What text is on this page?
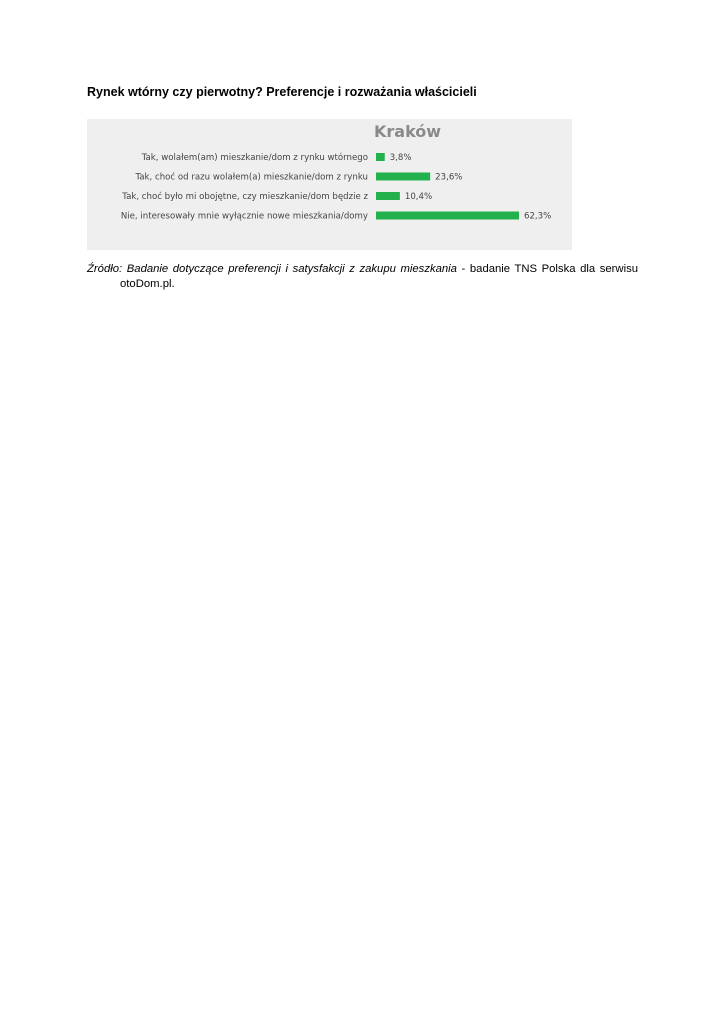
Rynek wtórny czy pierwotny? Preferencje i rozważania właścicieli
Kraków
Tak, wolałem(am) mieszkanie/dom z rynku wtórnego	3,8%
Tak, choć od razu wolałem(a) mieszkanie/dom z rynku	23,6%
Tak, choć było mi obojętne, czy mieszkanie/dom będzie z	10,4%
Nie, interesowały mnie wyłącznie nowe mieszkania/domy	62,3%
Źródło: Badanie dotyczące preferencji i satysfakcji z zakupu mieszkania - badanie TNS Polska dla serwisu
otoDom.pl.
